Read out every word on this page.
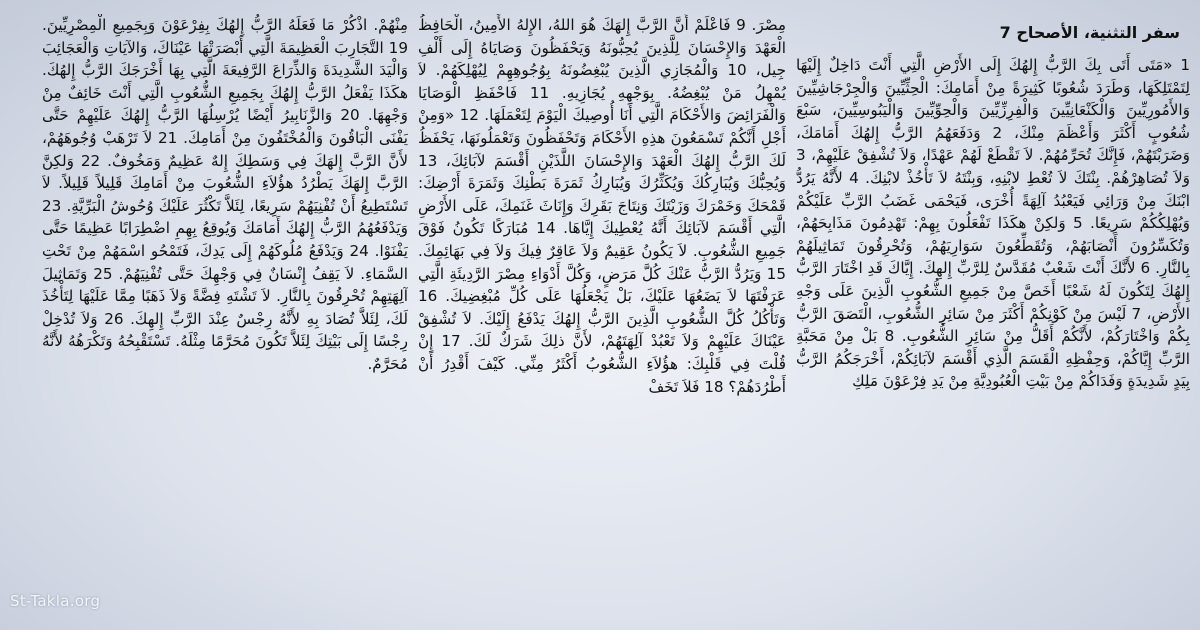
سفر التثنية، الأصحاح 7

1 «مَتَى أَتَى بِكَ الرَّبُّ إِلهُكَ إِلَى الأَرْضِ الَّتِي أَنْتَ دَاخِلٌ إِلَيْهَا لِتَمْتَلِكَهَا، وَطَرَدَ شُعُوبًا كَثِيرَةً مِنْ أَمَامِكَ: الْحِثِّيِّينَ وَالْجِرْجَاشِيِّينَ وَالأَمُورِيِّينَ وَالْكَنْعَانِيِّينَ وَالْفِرِزِّيِّينَ وَالْحِوِّيِّينَ وَالْيَبُوسِيِّينَ، سَبْعَ شُعُوبٍ أَكْثَرَ وَأَعْظَمَ مِنْكَ، 2 وَدَفَعَهُمُ الرَّبُّ إِلهُكَ أَمَامَكَ، وَضَرَبْتَهُمْ، فَإِنَّكَ تُحَرِّمُهُمْ. لاَ تَقْطَعْ لَهُمْ عَهْدًا، وَلاَ تُشْفِقْ عَلَيْهِمْ، 3 وَلاَ تُصَاهِرْهُمْ. بِنْتَكَ لاَ تُعْطِ لابْنِهِ، وَبِنْتَهُ لاَ تَأْخُذْ لابْنِكَ. 4 لأَنَّهُ يَرُدُّ ابْنَكَ مِنْ وَرَائِي فَيَعْبُدُ آلِهَةً أُخْرَى، فَيَحْمَى غَضَبُ الرَّبِّ عَلَيْكُمْ وَيُهْلِكُكُمْ سَرِيعًا. 5 وَلكِنْ هكَذَا تَفْعَلُونَ بِهِمْ: تَهْدِمُونَ مَذَابِحَهُمْ، وَتُكَسِّرُونَ أَنْصَابَهُمْ، وَتُقَطِّعُونَ سَوَارِيَهُمْ، وَتُحْرِقُونَ تَمَاثِيلَهُمْ بِالنَّارِ. 6 لأَنَّكَ أَنْتَ شَعْبٌ مُقَدَّسٌ لِلرَّبِّ إِلهِكَ. إِيَّاكَ قَدِ اخْتَارَ الرَّبُّ إِلهُكَ لِتَكُونَ لَهُ شَعْبًا أَخَصَّ مِنْ جَمِيعِ الشُّعُوبِ الَّذِينَ عَلَى وَجْهِ الأَرْضِ، 7 لَيْسَ مِنْ كَوْنِكُمْ أَكْثَرَ مِنْ سَائِرِ الشُّعُوبِ، الْتَصَقَ الرَّبُّ بِكُمْ وَاخْتَارَكُمْ، لأَنَّكُمْ أَقَلُّ مِنْ سَائِرِ الشُّعُوبِ. 8 بَلْ مِنْ مَحَبَّةِ الرَّبِّ إِيَّاكُمْ، وَحِفْظِهِ الْقَسَمَ الَّذِي أَقْسَمَ لآبَائِكُمْ، أَخْرَجَكُمُ الرَّبُّ بِيَدٍ شَدِيدَةٍ وَفَدَاكُمْ مِنْ بَيْتِ الْعُبُودِيَّةِ مِنْ يَدِ فِرْعَوْنَ مَلِكِ

مِصْرَ. 9 فَاعْلَمْ أَنَّ الرَّبَّ إِلهَكَ هُوَ اللهُ، الإِلهُ الأَمِينُ، الْحَافِظُ الْعَهْدَ وَالإِحْسَانَ لِلَّذِينَ يُحِبُّونَهُ وَيَحْفَظُونَ وَصَايَاهُ إِلَى أَلْفِ جِيل، 10 وَالْمُجَازِي الَّذِينَ يُبْغِضُونَهُ بِوُجُوهِهِمْ لِيُهْلِكَهُمْ. لاَ يُمْهِلُ مَنْ يُبْغِضُهُ. بِوَجْهِهِ يُجَازِيهِ. 11 فَاحْفَظِ الْوَصَايَا وَالْفَرَائِضَ وَالأَحْكَامَ الَّتِي أَنَا أُوصِيكَ الْيَوْمَ لِتَعْمَلَهَا. 12 «وَمِنْ أَجْلِ أَنَّكُمْ تَسْمَعُونَ هذِهِ الأَحْكَامَ وَتَحْفَظُونَ وَتَعْمَلُونَهَا، يَحْفَظُ لَكَ الرَّبُّ إِلهُكَ الْعَهْدَ وَالإِحْسَانَ اللَّذَيْنِ أَقْسَمَ لآبَائِكَ، 13 وَيُحِبُّكَ وَيُبَارِكُكَ وَيُكَثِّرُكَ وَيُبَارِكُ ثَمَرَةَ بَطْنِكَ وَثَمَرَةَ أَرْضِكَ: قَمْحَكَ وَخَمْرَكَ وَزَيْتَكَ وَنِتَاجَ بَقَرِكَ وَإِنَاثَ غَنَمِكَ، عَلَى الأَرْضِ الَّتِي أَقْسَمَ لآبَائِكَ أَنَّهُ يُعْطِيكَ إِيَّاهَا. 14 مُبَارَكًا تَكُونُ فَوْقَ جَمِيعِ الشُّعُوبِ. لاَ يَكُونُ عَقِيمٌ وَلاَ عَاقِرٌ فِيكَ وَلاَ فِي بَهَائِمِكَ. 15 وَيَرُدُّ الرَّبُّ عَنْكَ كُلَّ مَرَضٍ، وَكُلَّ أَدْوَاءِ مِصْرَ الرَّدِيئَةِ الَّتِي عَرَفْتَهَا لاَ يَضَعُهَا عَلَيْكَ، بَلْ يَجْعَلُهَا عَلَى كُلِّ مُبْغِضِيكَ. 16 وَتَأْكُلُ كُلَّ الشُّعُوبِ الَّذِينَ الرَّبُّ إِلهُكَ يَدْفَعُ إِلَيْكَ. لاَ تُشْفِقْ عَيْنَاكَ عَلَيْهِمْ وَلاَ تَعْبُدْ آلِهَتَهُمْ، لأَنَّ ذلِكَ شَرَكٌ لَكَ. 17 إِنْ قُلْتَ فِي قَلْبِكَ: هؤُلاَءِ الشُّعُوبُ أَكْثَرُ مِنِّي. كَيْفَ أَقْدِرُ أَنْ أَطْرُدَهُمْ؟ 18 فَلاَ تَخَفْ

مِنْهُمْ. اذْكُرْ مَا فَعَلَهُ الرَّبُّ إِلهُكَ بِفِرْعَوْنَ وَبِجَمِيعِ الْمِصْرِيِّينَ. 19 التَّجَارِبَ الْعَظِيمَةَ الَّتِي أَبْصَرَتْهَا عَيْنَاكَ، وَالآيَاتِ وَالْعَجَائِبَ وَالْيَدَ الشَّدِيدَةَ وَالذِّرَاعَ الرَّفِيعَةَ الَّتِي بِهَا أَخْرَجَكَ الرَّبُّ إِلهُكَ. هكَذَا يَفْعَلُ الرَّبُّ إِلهُكَ بِجَمِيعِ الشُّعُوبِ الَّتِي أَنْتَ خَائِفٌ مِنْ وَجْهِهَا. 20 وَالزَّنَابِيرُ أَيْضًا يُرْسِلُهَا الرَّبُّ إِلهُكَ عَلَيْهِمْ حَتَّى يَفْنَى الْبَاقُونَ وَالْمُخْتَفُونَ مِنْ أَمَامِكَ. 21 لاَ تَرْهَبْ وُجُوهَهُمْ، لأَنَّ الرَّبَّ إِلهَكَ فِي وَسَطِكَ إِلهٌ عَظِيمٌ وَمَخُوفٌ. 22 وَلكِنَّ الرَّبَّ إِلهَكَ يَطْرُدُ هؤُلاَءِ الشُّعُوبَ مِنْ أَمَامِكَ قَلِيلاً قَلِيلاً. لاَ تَسْتَطِيعُ أَنْ تُفْنِيَهُمْ سَرِيعًا، لِئَلاَّ تَكْثُرَ عَلَيْكَ وُحُوشُ الْبَرِّيَّةِ. 23 وَيَدْفَعُهُمُ الرَّبُّ إِلهُكَ أَمَامَكَ وَيُوقِعُ بِهِمِ اضْطِرَابًا عَظِيمًا حَتَّى يَفْنَوْا. 24 وَيَدْفَعُ مُلُوكَهُمْ إِلَى يَدِكَ، فَتَمْحُو اسْمَهُمْ مِنْ تَحْتِ السَّمَاءِ. لاَ يَقِفُ إِنْسَانٌ فِي وَجْهِكَ حَتَّى تُفْنِيَهُمْ. 25 وَتَمَاثِيلَ آلِهَتِهِمْ تُحْرِقُونَ بِالنَّارِ. لاَ تَشْتَهِ فِضَّةً وَلاَ ذَهَبًا مِمَّا عَلَيْهَا لِتَأْخُذَ لَكَ، لِئَلاَّ تُصَادَ بِهِ لأَنَّهُ رِجْسٌ عِنْدَ الرَّبِّ إِلهِكَ. 26 وَلاَ تُدْخِلْ رِجْسًا إِلَى بَيْتِكَ لِئَلاَّ تَكُونَ مُحَرَّمًا مِثْلَهُ. تَسْتَقْبِحُهُ وَتَكْرَهُهُ لأَنَّهُ مُحَرَّمٌ.

St-Takla.org
